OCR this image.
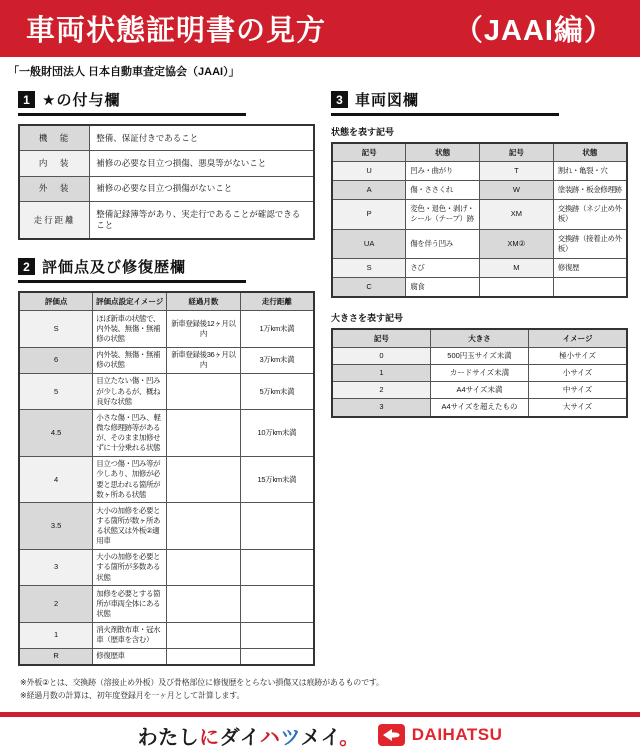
車両状態証明書の見方	（JAAI編）
「一般財団法人 日本自動車査定協会（JAAI）」
1 ★の付与欄
機　能	整備、保証付きであること
内　装	補修の必要な目立つ損傷、悪臭等がないこと
外　装	補修の必要な目立つ損傷がないこと
走行距離	整備記録簿等があり、実走行であることが確認できること
2 評価点及び修復歴欄
評価点	評価点設定イメージ	経過月数	走行距離
S	ほぼ新車の状態で、内外装、無傷・無補修の状態	新車登録後12ヶ月以内	1万km未満
6	内外装、無傷・無補修の状態	新車登録後36ヶ月以内	3万km未満
5	目立たない傷・凹みが少しあるが、概ね良好な状態		5万km未満
4.5	小さな傷・凹み、軽微な修理跡等があるが、そのまま加修せずに十分乗れる状態		10万km未満
4	目立つ傷・凹み等が少しあり、加修が必要と思われる箇所が数ヶ所ある状態		15万km未満
3.5	大小の加修を必要とする箇所が数ヶ所ある状態又は外板②適用車		
3	大小の加修を必要とする箇所が多数ある状態		
2	加修を必要とする箇所が車両全体にある状態		
1	消火剤散布車・冠水車（歴車を含む）		
R	修復歴車		
3 車両図欄
状態を表す記号
記号	状態	記号	状態
U	凹み・曲がり	T	割れ・亀裂・穴
A	傷・ささくれ	W	塗装跡・板金修理跡
P	変色・退色・剥げ・シール（テープ）跡	XM	交換跡（ネジ止め外板）
UA	傷を伴う凹み	XM②	交換跡（接着止め外板）
S	さび	M	修復歴
C	腐食		
大きさを表す記号
記号	大きさ	イメージ
0	500円玉サイズ未満	極小サイズ
1	カードサイズ未満	小サイズ
2	A4サイズ未満	中サイズ
3	A4サイズを超えたもの	大サイズ
※外板②とは、交換跡（溶接止め外板）及び骨格部位に修復歴をとらない損傷又は痕跡があるものです。
※経過月数の計算は、初年度登録月を一ヶ月として計算します。
わたしにダイハツメイ。	DAIHATSU
